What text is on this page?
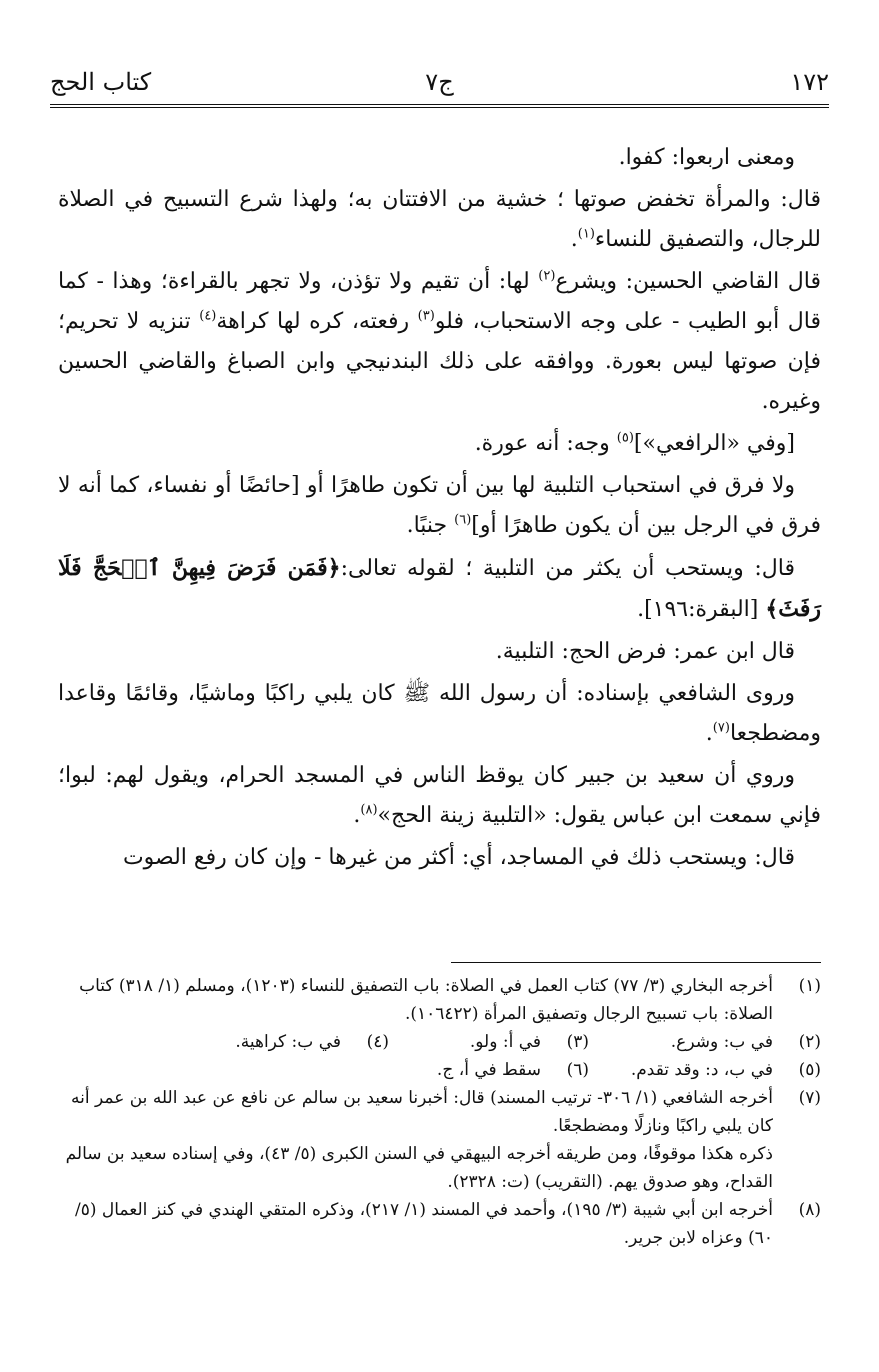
١٧٢
ج٧
كتاب الحج

ومعنى اربعوا: كفوا.

قال: والمرأة تخفض صوتها ؛ خشية من الافتتان به؛ ولهذا شرع التسبيح في الصلاة للرجال، والتصفيق للنساء$^{(١)}$.

قال القاضي الحسين: ويشرع$^{(٢)}$ لها: أن تقيم ولا تؤذن، ولا تجهر بالقراءة؛ وهذا - كما قال أبو الطيب - على وجه الاستحباب، فلو$^{(٣)}$ رفعته، كره لها كراهة$^{(٤)}$ تنزيه لا تحريم؛ فإن صوتها ليس بعورة. ووافقه على ذلك البندنيجي وابن الصباغ والقاضي الحسين وغيره.

[وفي «الرافعي»]$^{(٥)}$ وجه: أنه عورة.

ولا فرق في استحباب التلبية لها بين أن تكون طاهرًا أو [حائضًا أو نفساء، كما أنه لا فرق في الرجل بين أن يكون طاهرًا أو]$^{(٦)}$ جنبًا.

قال: ويستحب أن يكثر من التلبية ؛ لقوله تعالى:﴿فَمَن فَرَضَ فِيهِنَّ ٱلۡحَجَّ فَلَا رَفَثَ﴾ [البقرة:١٩٦].

قال ابن عمر: فرض الحج: التلبية.

وروى الشافعي بإسناده: أن رسول الله ﷺ كان يلبي راكبًا وماشيًا، وقائمًا وقاعدا ومضطجعا$^{(٧)}$.

وروي أن سعيد بن جبير كان يوقظ الناس في المسجد الحرام، ويقول لهم: لبوا؛ فإني سمعت ابن عباس يقول: «التلبية زينة الحج»$^{(٨)}$.

قال: ويستحب ذلك في المساجد، أي: أكثر من غيرها - وإن كان رفع الصوت

(١)
أخرجه البخاري (٣/ ٧٧) كتاب العمل في الصلاة: باب التصفيق للنساء (١٢٠٣)، ومسلم (١/ ٣١٨) كتاب الصلاة: باب تسبيح الرجال وتصفيق المرأة (١٠٦٤٢٢).

(٢)
في ب: وشرع.
(٣)
في أ: ولو.
(٤)
في ب: كراهية.
(٥)
في ب، د: وقد تقدم.
(٦)
سقط في أ، ج.

(٧)
أخرجه الشافعي (١/ ٣٠٦- ترتيب المسند) قال: أخبرنا سعيد بن سالم عن نافع عن عبد الله بن عمر أنه كان يلبي راكبًا ونازلًا ومضطجعًا.
ذكره هكذا موقوفًا، ومن طريقه أخرجه البيهقي في السنن الكبرى (٥/ ٤٣)، وفي إسناده سعيد بن سالم القداح، وهو صدوق يهم. (التقريب) (ت: ٢٣٢٨).

(٨)
أخرجه ابن أبي شيبة (٣/ ١٩٥)، وأحمد في المسند (١/ ٢١٧)، وذكره المتقي الهندي في كنز العمال (٥/ ٦٠) وعزاه لابن جرير.
